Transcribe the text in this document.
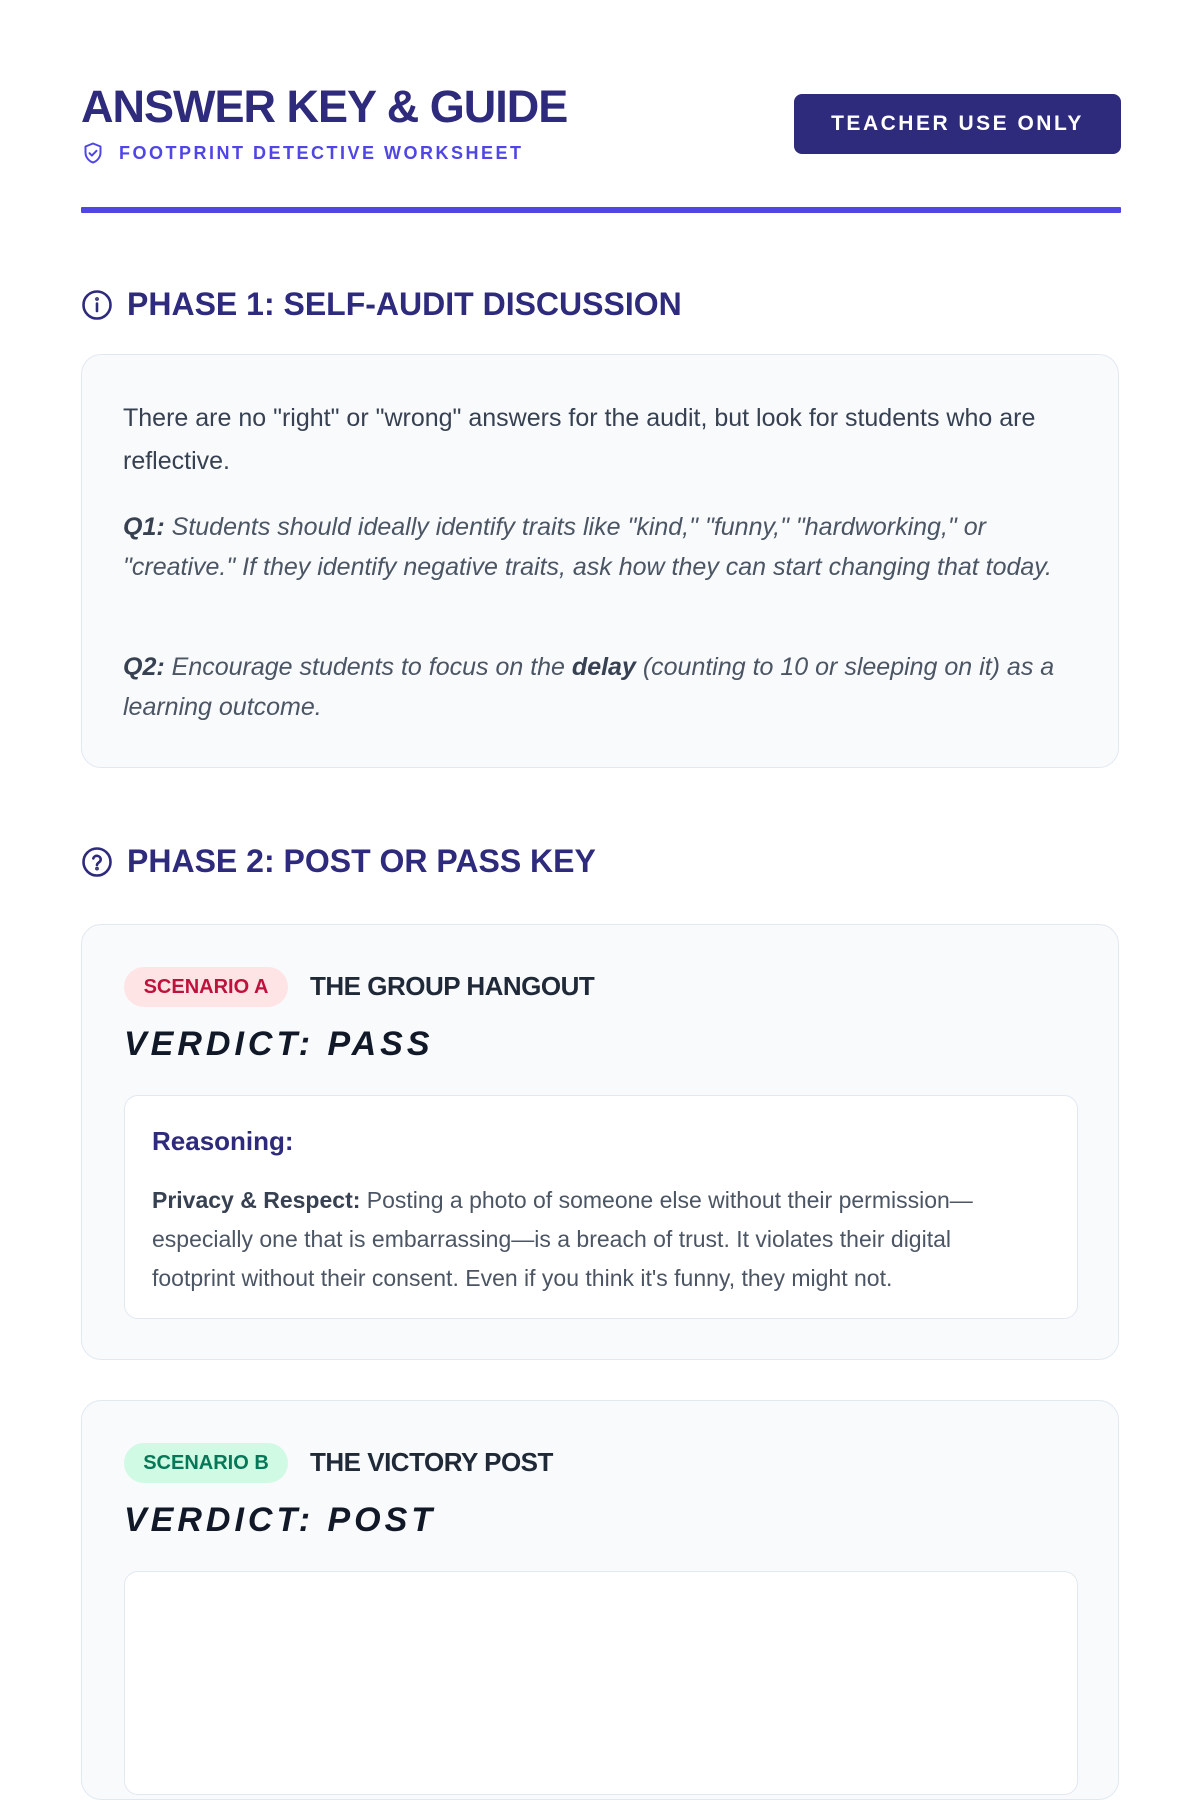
ANSWER KEY & GUIDE
FOOTPRINT DETECTIVE WORKSHEET
TEACHER USE ONLY
PHASE 1: SELF-AUDIT DISCUSSION

There are no "right" or "wrong" answers for the audit, but look for students who are reflective.

Q1: Students should ideally identify traits like "kind," "funny," "hardworking," or "creative." If they identify negative traits, ask how they can start changing that today.

Q2: Encourage students to focus on the delay (counting to 10 or sleeping on it) as a learning outcome.

PHASE 2: POST OR PASS KEY
SCENARIO A	THE GROUP HANGOUT
VERDICT: PASS
Reasoning:

Privacy & Respect: Posting a photo of someone else without their permission—especially one that is embarrassing—is a breach of trust. It violates their digital footprint without their consent. Even if you think it's funny, they might not.

SCENARIO B	THE VICTORY POST
VERDICT: POST
